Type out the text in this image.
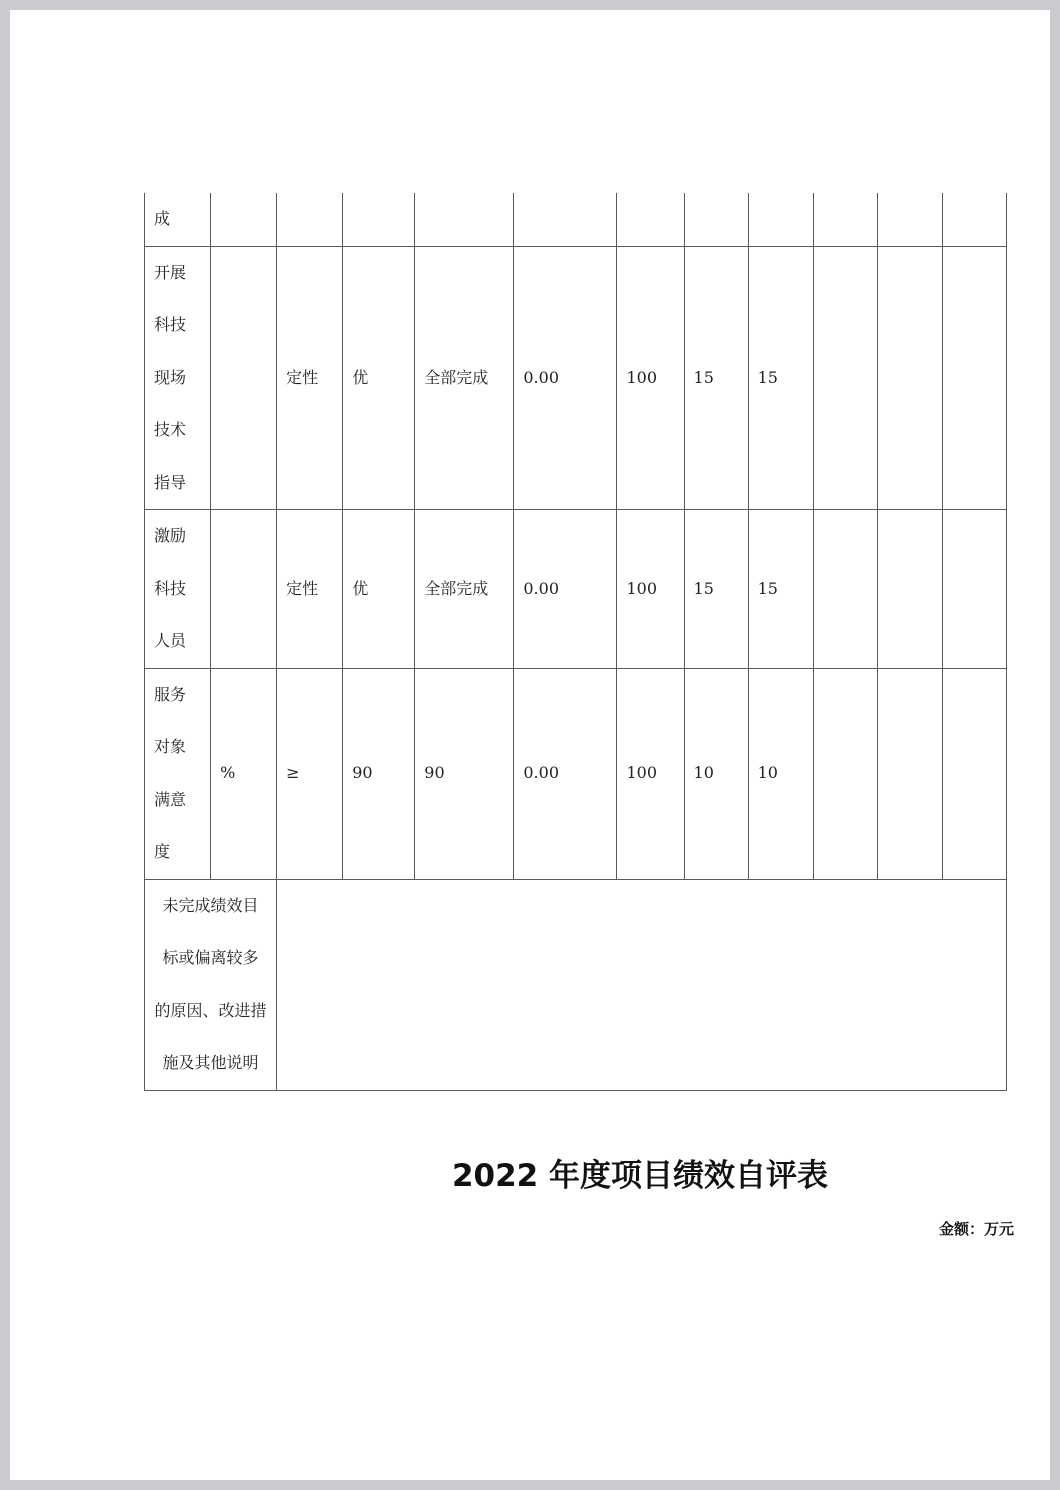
成											

开展
科技
现场
技术
指导		定性	优	全部完成	0.00	100	15	15			

激励
科技
人员		定性	优	全部完成	0.00	100	15	15			

服务
对象
满意
度	%	≥	90	90	0.00	100	10	10			

未完成绩效目
标或偏离较多
的原因、改进措
施及其他说明											

2022 年度项目绩效自评表
金额：万元
